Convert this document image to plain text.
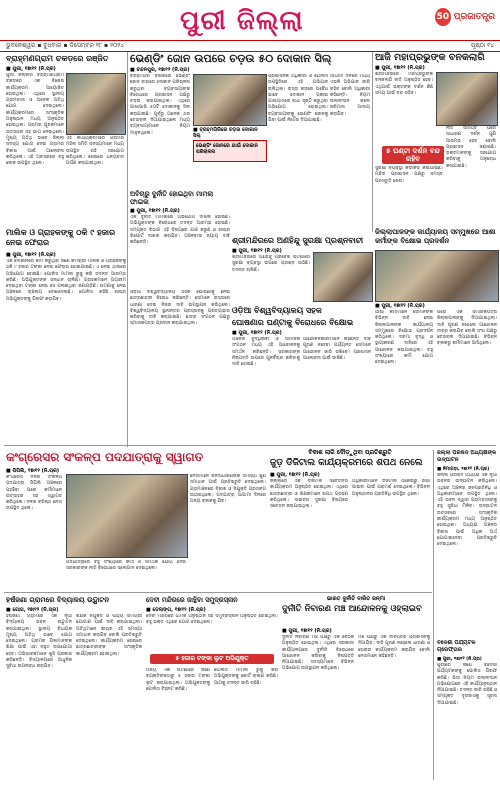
ପୁରୀ ଜିଲ୍ଲା	50 ପ୍ରଜାତନ୍ତ୍ର
ଭୁବନେଶ୍ୱର ▪ ବୁଧବାର ▪ ଡିସେମ୍ବର ୧୮ ▪ ୨୦୨୪	ପୃଷ୍ଠା ୧୪
ବ୍ରାହ୍ମଣଗ୍ରାମ ଚକଡ଼ରେ ରଞ୍ଜିତ
■ ପୁରୀ, ୧୭ା୧୨ (ନି.ପ୍ର)
ପୁରୀ ଜିଲ୍ଲାର ବ୍ରାହ୍ମଣଗ୍ରାମ ଚକଡ଼ରେ ଏକ ବିଶେଷ କାର୍ଯ୍ୟକ୍ରମ ଆୟୋଜିତ ହୋଇଥିଲା। ଏଥିରେ ସ୍ଥାନୀୟ ଗ୍ରାମବାସୀ ଓ ଅନେକ ଅତିଥି ଯୋଗ ଦେଇଥିଲେ। କାର୍ଯ୍ୟକ୍ରମରେ ସାଂସ୍କୃତିକ ଅନୁଷ୍ଠାନ ମଧ୍ୟ ଅନୁଷ୍ଠିତ ହୋଇଥିଲା। ଗ୍ରାମର ଯୁବକମାନେ ଉତ୍ସାହର ସହ ଭାଗ ନେଇଥିଲେ। ମୁଖ୍ୟ ଅତିଥି ଭାବେ ଜିଲ୍ଲା ସଦସ୍ୟ ଯୋଗ ଦେଇ ଗ୍ରାମର ବିକାଶ ପାଇଁ ଆଲୋଚନା କରିଥିଲେ। ଏହି ଅବସରରେ ବହୁ ଲୋକ ଉପସ୍ଥିତ ଥିଲେ।
ଏହି କାର୍ଯ୍ୟକ୍ରମରେ ଗ୍ରାମର ମହିଳା ସମିତି ସଦସ୍ୟମାନେ ମଧ୍ୟ ଉପସ୍ଥିତ ରହି ସହଯୋଗ କରିଥିଲେ। ଶେଷରେ ଧନ୍ୟବାଦ ଅର୍ପଣ କରାଯାଇଥିଲା।
ଭେଣ୍ଡିଂ ଜୋନ ଉପରେ ଚଡ଼ଉ ୫୦ ଦୋକାନ ସିଲ୍
■ ଚନ୍ଦନପୁର, ୧୭ା୧୨ (ନି.ପ୍ର)
ବ୍ରହ୍ମଗିରି ବଜାରରେ ଭେଣ୍ଡିଂ ଜୋନ ବାହାରେ ଦୋକାନ ପରିଚାଳନା କରୁଥିବା ବ୍ୟବସାୟୀଙ୍କ ବିରୋଧରେ ପ୍ରଶାସନ ପକ୍ଷରୁ ଚଡ଼ଉ କରାଯାଇଥିଲା। ଏଥିରେ ପାଖାପାଖି ୫୦ଟି ଦୋକାନକୁ ସିଲ କରାଯାଇଛି। ପୂର୍ବରୁ ଅନେକ ଥର ଚେତାବନୀ ଦିଆଯାଇଥିଲେ ମଧ୍ୟ ବ୍ୟବସାୟୀମାନେ ନିୟମ ମାନୁନଥିଲେ।
■ ବ୍ରହ୍ମଗିରିରେ ଚଡ଼ଉ ଦୋକାନ ସିଲ୍
ଭେଣ୍ଡିଂ ଜୋନରେ ଯାଇଁ ଦୋକାନ ପରିଚାଳନା
ପ୍ରଶାସନିକ ଅଧିକାରୀ ଓ ପୋଲିସ ଉପସ୍ଥିତିରେ ଏହି ଅଭିଯାନ ଚାଲିଥିଲା। ରାସ୍ତା କଡ଼ରେ ଅବୈଧ ଭାବେ ଦୋକାନ ପକାଇ ଯାତାୟାତରେ ବାଧା ସୃଷ୍ଟି କରୁଥିବା ଅଭିଯୋଗ ହୋଇଥିଲା। ବ୍ୟବସାୟୀଙ୍କୁ ଭେଣ୍ଡିଂ ଜୋନକୁ ଯିବା ପାଇଁ ନିର୍ଦ୍ଦେଶ ଦିଆଯାଇଛି।
ଆଗାମୀ ଦିନରେ ମଧ୍ୟ ଏଭଳି ଅଭିଯାନ ଜାରି ରହିବ ବୋଲି ଅଧିକାରୀ କହିଛନ୍ତି। ନିୟମ ଉଲ୍ଲଂଘନ କଲେ ଜରିମାନା ଆଦାୟ କରାଯିବ।
ଆଜି ମହାପ୍ରଭୁଙ୍କ ବନକଲାଗି
■ ପୁରୀ, ୧୭ା୧୨ (ନି.ପ୍ର)
ଶ୍ରୀମନ୍ଦିରରେ ମହାପ୍ରଭୁଙ୍କ ବନକଲାଗି ନୀତି ଅନୁଷ୍ଠିତ ହେବ। ଏଥିପାଇଁ ଭକ୍ତଙ୍କ ଦର୍ଶନ କିଛି ସମୟ ପାଇଁ ବନ୍ଦ ରହିବ।
୫ ଘଣ୍ଟା ଦର୍ଶନ ବନ୍ଦ ରହିବ
ନୀତି ସମାପ୍ତି ପରେ ସାଧାରଣ ଦର୍ଶନ ପୁଣି ଆରମ୍ଭ ହେବ ବୋଲି ପ୍ରଶାସନ ଜଣାଇଛି। ଭକ୍ତମାନଙ୍କୁ ସହଯୋଗ କରିବାକୁ ଅନୁରୋଧ କରାଯାଇଛି।
ସୁରକ୍ଷା ବ୍ୟବସ୍ଥା କଡ଼ାକଡ଼ି କରାଯାଇଛି। ମନ୍ଦିର ପ୍ରଶାସନ ପକ୍ଷରୁ ସମସ୍ତ ପ୍ରସ୍ତୁତି ଶେଷ।
ଜିଲ୍ଲାପାଳଙ୍କ କାର୍ଯ୍ୟାଳୟ ସମ୍ମୁଖରେ ଆଶା କର୍ମୀଙ୍କ ବିକ୍ଷୋଭ ପ୍ରଦର୍ଶନ
■ ପୁରୀ, ୧୭ା୧୨ (ନି.ପ୍ର)
ଆଶା କର୍ମୀମାନେ ସେମାନଙ୍କ ବିଭିନ୍ନ ଦାବି ନେଇ ଜିଲ୍ଲାପାଳଙ୍କ କାର୍ଯ୍ୟାଳୟ ସମ୍ମୁଖରେ ବିକ୍ଷୋଭ ପ୍ରଦର୍ଶନ କରିଥିଲେ। ଦରମା ବୃଦ୍ଧି ଓ ସ୍ଥାୟୀକରଣ ଦାବିରେ ଏହି ଆନ୍ଦୋଳନ କରାଯାଇଥିଲା। ବହୁ ସଂଖ୍ୟାରେ କର୍ମୀ ଯୋଗ ଦେଇଥିଲେ।
ପରେ ଏକ ସ୍ମାରକପତ୍ର ଜିଲ୍ଲାପାଳଙ୍କୁ ଦିଆଯାଇଥିଲା। ଦାବି ପୂରଣ ନହେଲେ ଆନ୍ଦୋଳନ ତୀବ୍ର କରାଯିବ ବୋଲି ସଂଘ ପକ୍ଷରୁ ଚେତାବନୀ ଦିଆଯାଇଛି। ବିଭିନ୍ନ ବ୍ଲକରୁ କର୍ମୀମାନେ ଆସିଥିଲେ।
ଅବିଚାରୁ ଦୁର୍ନୀତି ହୋଇଥିବା ମାମଲା ଫାଇଲ
■ ପୁରୀ, ୧୭ା୧୨ (ନି.ପ୍ର)
ଏକ ଦୁର୍ନୀତି ମାମଲାରେ ଅଭିଯୋଗ ଦାଖଲ ହୋଇଛି। ଅଭିଯୁକ୍ତଙ୍କ ବିରୋଧରେ ତଦନ୍ତ ଆରମ୍ଭ ହୋଇଛି। ସମ୍ପୃକ୍ତ ବିଭାଗ ଏହି ବିଷୟରେ ଯାଞ୍ଚ କରୁଛି ଓ ଶୀଘ୍ର ରିପୋର୍ଟ ଦାଖଲ କରାଯିବ। ଅଞ୍ଚଳବାସୀ ନ୍ୟାୟ ଦାବି କରିଛନ୍ତି।	ଶ୍ରୀମନ୍ଦିରରେ ଅଣହିନ୍ଦୁ ସୁରକ୍ଷା ପ୍ରଶ୍ନବାଚୀ
■ ପୁରୀ, ୧୭ା୧୨ (ନି.ପ୍ର)
ଶ୍ରୀମନ୍ଦିରରେ ଅଣହିନ୍ଦୁ ପ୍ରବେଶ ଘଟଣାରେ ସୁରକ୍ଷା ବ୍ୟବସ୍ଥା ଉପରେ ପ୍ରଶ୍ନ ଉଠିଛି। ତଦନ୍ତ ଚାଲିଛି।
ମାଲିକ ଓ ଗ୍ରାହକଙ୍କୁ ଠକି ୯ ହଜାର ନେଇ ଫେରାର
■ ପୁରୀ, ୧୭ା୧୨ (ନି.ପ୍ର)
ଏକ ଦୋକାନରେ କାମ କରୁଥିବା ଜଣେ କର୍ମଚାରୀ ମାଲିକ ଓ ଗ୍ରାହକଙ୍କୁ ଠକି ୯ ହଜାର ଟଙ୍କା ନେଇ ଫେରାର ହୋଇଯାଇଛି। ଏ ନେଇ ଥାନାରେ ଅଭିଯୋଗ ହୋଇଛି। ପୋଲିସ ମାମଲା ରୁଜୁ କରି ତଦନ୍ତ ଆରମ୍ଭ କରିଛି। ଅଭିଯୁକ୍ତଙ୍କ ସନ୍ଧାନ ଚାଲିଛି। ଗ୍ରାହକମାନେ ଅଗ୍ରୀମ ଦେଇଥିବା ଟଙ୍କା ନେଇ ସେ ପଳାଇଥିବା ଜଣାପଡ଼ିଛି। ଘଟଣାକୁ ନେଇ ଅଞ୍ଚଳରେ ଚାଞ୍ଚଲ୍ୟ ଦେଖାଦେଇଛି। ପୋଲିସ କହିଛି ଶୀଘ୍ର ଅଭିଯୁକ୍ତଙ୍କୁ ଗିରଫ କରାଯିବ।
ଓଡ଼ିଆ ବିଶ୍ୱବିଦ୍ୟାଳୟ ସହକ
ଘୋଷଣାର ଘଣ୍ଟାକୁ ବିରୋଧରେ ବିକ୍ଷୋଭ
■ ପୁରୀ, ୧୭ା୧୨ (ନି.ପ୍ର)
ଓଡ଼ିଆ ବିଶ୍ୱବିଦ୍ୟାଳୟ ସହକ ଘୋଷଣାକୁ ନେଇ ଛାତ୍ରଛାତ୍ରୀ ବିରୋଧ କରିଛନ୍ତି। ସେମାନେ ରାସ୍ତାରେ ଧାରଣା ଦେଇ ନିଜର ଦାବି ଉପସ୍ଥାପନ କରିଥିଲେ। ବିଶ୍ୱବିଦ୍ୟାଳୟ ସ୍ଥାନାନ୍ତର ପ୍ରସ୍ତାବକୁ ପ୍ରତ୍ୟାହାର କରିବାକୁ ଦାବି କରାଯାଇଛି। ଛାତ୍ର ସଂଗଠନ ପକ୍ଷରୁ ସ୍ମାରକପତ୍ର ପ୍ରଦାନ କରାଯାଇଥିଲା।
ଅଞ୍ଚଳର ବୁଦ୍ଧିଜୀବୀ ଓ ସାମାଜିକ ସଂଗଠନ ମଧ୍ୟ ଏହି ଆନ୍ଦୋଳନକୁ ସମର୍ଥନ କରିଛନ୍ତି। ସରକାରଙ୍କ ନିଷ୍ପତ୍ତି ଉପରେ ପୁନର୍ବିଚାର କରିବାକୁ ଦାବି ହୋଇଛି।
ଆନ୍ଦୋଳନକାରୀମାନେ କହିଛନ୍ତି ଦାବି ପୂରଣ ନହେବା ପର୍ଯ୍ୟନ୍ତ ସେମାନେ ଆନ୍ଦୋଳନ ଜାରି ରଖିବେ। ପ୍ରଶାସନ ଆଲୋଚନା ପାଇଁ ଡାକିଛି।
କଂଗ୍ରେସର ସଂକଳ୍ପ ପଦଯାତ୍ରାକୁ ସ୍ୱାଗତ
■ ପିପିଲି, ୧୭ା୧୨ (ନି.ପ୍ର)
କଂଗ୍ରେସ ଦଳର ସଂକଳ୍ପ ପଦଯାତ୍ରା ପିପିଲି ଅଞ୍ଚଳରେ ପହଞ୍ଚିବା ପରେ କର୍ମୀମାନେ ଉତ୍ସାହର ସହ ସ୍ୱାଗତ କରିଥିଲେ। ଦଳର ବରିଷ୍ଠ ନେତା ଉପସ୍ଥିତ ଥିଲେ।
ପଦଯାତ୍ରାରେ ବହୁ ସଂଖ୍ୟାରେ କର୍ମୀ ଓ ସମର୍ଥକ ଯୋଗ ଦେଇ ସରକାରଙ୍କ ନୀତି ବିରୋଧରେ ସ୍ଲୋଗାନ ଦେଇଥିଲେ।
ନେତାମାନେ ଜନସାଧାରଣଙ୍କ ସମସ୍ୟା ଶୁଣି ସମାଧାନ ପାଇଁ ପ୍ରତିଶ୍ରୁତି ଦେଇଥିଲେ। ଗ୍ରାମାଞ୍ଚଳରେ ବିକାଶ ଓ ନିଯୁକ୍ତି ପ୍ରସଙ୍ଗ ଉଠାଇଥିଲେ। ପଦଯାତ୍ରା ଆଗାମୀ ଦିନରେ ଅନ୍ୟ ବ୍ଲକକୁ ଯିବ।
ବିକାଶ ଲାଗି ଦୌଡ଼ୁଥିବା ପ୍ରତିଶ୍ରୁତି
ଜୁଡ଼ ଡିଜିଟାଲ କାର୍ଯ୍ୟକ୍ରମରେ ଶପଥ ନେଲେ
■ ପୁରୀ, ୧୭ା୧୨ (ନି.ପ୍ର)
ଜିଲ୍ଲାରେ ଏକ ଡିଜିଟାଲ ସଚେତନତା କାର୍ଯ୍ୟକ୍ରମ ଅନୁଷ୍ଠିତ ହୋଇଥିଲା। ଏଥିରେ ଛାତ୍ରଛାତ୍ରୀ ଓ ଶିକ୍ଷକମାନେ ଶପଥ ଗ୍ରହଣ କରିଥିଲେ। ସାଇବର ସୁରକ୍ଷା ବିଷୟରେ ସଚେତନ କରାଯାଇଥିଲା।
ଅଧିକାରୀମାନେ ଡିଜିଟାଲ ଠକେଇରୁ ରକ୍ଷା ପାଇବା ପାଇଁ ପରାମର୍ଶ ଦେଇଥିଲେ। ବିଭିନ୍ନ ଅନୁଷ୍ଠାନର ପ୍ରତିନିଧି ଉପସ୍ଥିତ ଥିଲେ।
ଜିଲ୍ଲା ପରିଷଦ ଅଧ୍ୟକ୍ଷଙ୍କ ଉଦ୍‌ଘାଟନ
■ ନିମାପଡ଼ା, ୧୭ା୧୨ (ନି.ପ୍ର)
ଜିଲ୍ଲା ପରିଷଦ ଅଧ୍ୟକ୍ଷ ଏକ ନୂଆ ଭବନର ଉଦ୍‌ଘାଟନ କରିଥିଲେ। ଏଥିରେ ଅଞ୍ଚଳର ଜନପ୍ରତିନିଧି ଓ ଅଧିକାରୀମାନେ ଉପସ୍ଥିତ ଥିଲେ। ଏହି ଭବନ ଦ୍ୱାରା ଗ୍ରାମବାସୀଙ୍କୁ ବହୁ ସୁବିଧା ମିଳିବ। ଉଦ୍‌ଘାଟନ ଉତ୍ସବରେ ସାଂସ୍କୃତିକ କାର୍ଯ୍ୟକ୍ରମ ମଧ୍ୟ ଅନୁଷ୍ଠିତ ହୋଇଥିଲା। ଅଧ୍ୟକ୍ଷ ଅଞ୍ଚଳର ବିକାଶ ପାଇଁ ଅଧିକ ଅର୍ଥ ଯୋଗାଇଦେବା ପ୍ରତିଶ୍ରୁତି ଦେଇଥିଲେ।
ବିଦେଶୀ ପର୍ଯ୍ୟଟକ ଗ୍ରେଫ୍ତାର
■ ପୁରୀ, ୧୭ା୧୨ (ନି.ପ୍ର)
ପୁରୀରେ ଜଣେ ବିଦେଶୀ ପର୍ଯ୍ୟଟକଙ୍କୁ ପୋଲିସ ଗିରଫ କରିଛି। ଭିସା ନିୟମ ଉଲ୍ଲଂଘନ ଅଭିଯୋଗରେ ଏହି କାର୍ଯ୍ୟାନୁଷ୍ଠାନ ନିଆଯାଇଛି। ତଦନ୍ତ ଜାରି ରହିଛି ଓ ସମ୍ପୃକ୍ତ ଦୂତାବାସକୁ ସୂଚନା ଦିଆଯାଇଛି।
ହର୍ଷଜଣା ଗ୍ରାମରେ ବିଦ୍ୟାଳୟ ଉଦ୍ଘାଟନ
■ ଗୋପ, ୧୭ା୧୨ (ନି.ପ୍ର)
ହର୍ଷଜଣା ଗ୍ରାମରେ ଏକ ନୂଆ ବିଦ୍ୟାଳୟ ଭବନ ଉଦ୍ଘାଟନ କରାଯାଇଥିଲା। ସ୍ଥାନୀୟ ବିଧାୟକ ମୁଖ୍ୟ ଅତିଥି ଭାବେ ଯୋଗ ଦେଇଥିଲେ। ଗ୍ରାମର ପିଲାମାନଙ୍କ ଶିକ୍ଷା ପାଇଁ ଏହା ବହୁତ ଉପଯୋଗୀ ହେବ। ଅଭିଭାବକମାନେ ଖୁସି ପ୍ରକାଶ କରିଛନ୍ତି। ବିଦ୍ୟାଳୟରେ ଆଧୁନିକ ସୁବିଧା ଉପଲବ୍ଧ କରାଯିବ।
ଶିକ୍ଷକ ନିଯୁକ୍ତି ଓ ପାଠ୍ୟ ସାମଗ୍ରୀ ଯୋଗାଣ ପାଇଁ ଦାବି କରାଯାଇଥିଲା। ଅତିଥିମାନେ ଶୀଘ୍ର ଏହି ସମସ୍ୟା ସମାଧାନ କରାଯିବ ବୋଲି ପ୍ରତିଶ୍ରୁତି ଦେଇଥିଲେ। କାର୍ଯ୍ୟକ୍ରମ ଶେଷରେ ଛାତ୍ରଛାତ୍ରୀଙ୍କ ସାଂସ୍କୃତିକ କାର୍ଯ୍ୟକ୍ରମ ହୋଇଥିଲା।
ଦେବୀ ମନ୍ଦିରରେ ଜାନ୍ଥିବା ସମୁଦ୍ରସ୍ନାନ
■ ଡେଲାଙ୍ଗ, ୧୭ା୧୨ (ନି.ପ୍ର)
ଦେବୀ ମନ୍ଦିରରେ ଧାର୍ମିକ ଅନୁଷ୍ଠାନ ସହ ସମୁଦ୍ରସ୍ନାନ ଅନୁଷ୍ଠିତ ହୋଇଥିଲା। ବହୁ ଭକ୍ତ ଏଥିରେ ଯୋଗ ଦେଇଥିଲେ।
୫ ହଜାର ଟଙ୍କା ଲୁଟ ଅଭିଯୁକ୍ତ
ଅନ୍ୟ ଏକ ଘଟଣାରେ ଜଣେ ବ୍ୟକ୍ତିଙ୍କଠାରୁ ୫ ହଜାର ଟଙ୍କା ଲୁଟ କରାଯାଇଥିଲା। ଅଭିଯୁକ୍ତଙ୍କୁ ପୋଲିସ ଚିହ୍ନଟ କରିଛି।
ପୋଲିସ ମାମଲା ରୁଜୁ କରି ଅଭିଯୁକ୍ତଙ୍କୁ କୋର୍ଟ ଚାଲାଣ କରିଛି। ଆଗକୁ ତଦନ୍ତ ଜାରି ରହିଛି।
ଭାରତ ଦୁର୍ନୀତି ବାରିତ ଜନ୍ମା
ଦୁର୍ନୀତି ନିବାରଣ ମଞ୍ଚ ଆନ୍ଦୋଳନକୁ ଓହ୍ଲାଇବ
■ ପୁରୀ, ୧୭ା୧୨ (ନି.ପ୍ର)
ଦୁର୍ନୀତି ନିବାରଣ ମଞ୍ଚ ପକ୍ଷରୁ ଏକ ବୈଠକ ଅନୁଷ୍ଠିତ ହୋଇଥିଲା। ଏଥିରେ ସରକାରୀ କାର୍ଯ୍ୟାଳୟରେ ଦୁର୍ନୀତି ବିରୋଧରେ ଆନ୍ଦୋଳନ କରିବାକୁ ନିଷ୍ପତ୍ତି ନିଆଯାଇଛି। ସଦସ୍ୟମାନେ ବିଭିନ୍ନ ଅଭିଯୋଗ ଉପସ୍ଥାପନ କରିଥିଲେ।
ମଞ୍ଚ ପକ୍ଷରୁ ଏକ ଦାବିପତ୍ର ପ୍ରଶାସନକୁ ଦିଆଯିବ। ଦାବି ପୂରଣ ନହେଲେ ଧାରଣା ଓ ଘେରାଉ କାର୍ଯ୍ୟକ୍ରମ କରାଯିବ ବୋଲି ନେତାମାନେ କହିଛନ୍ତି।
